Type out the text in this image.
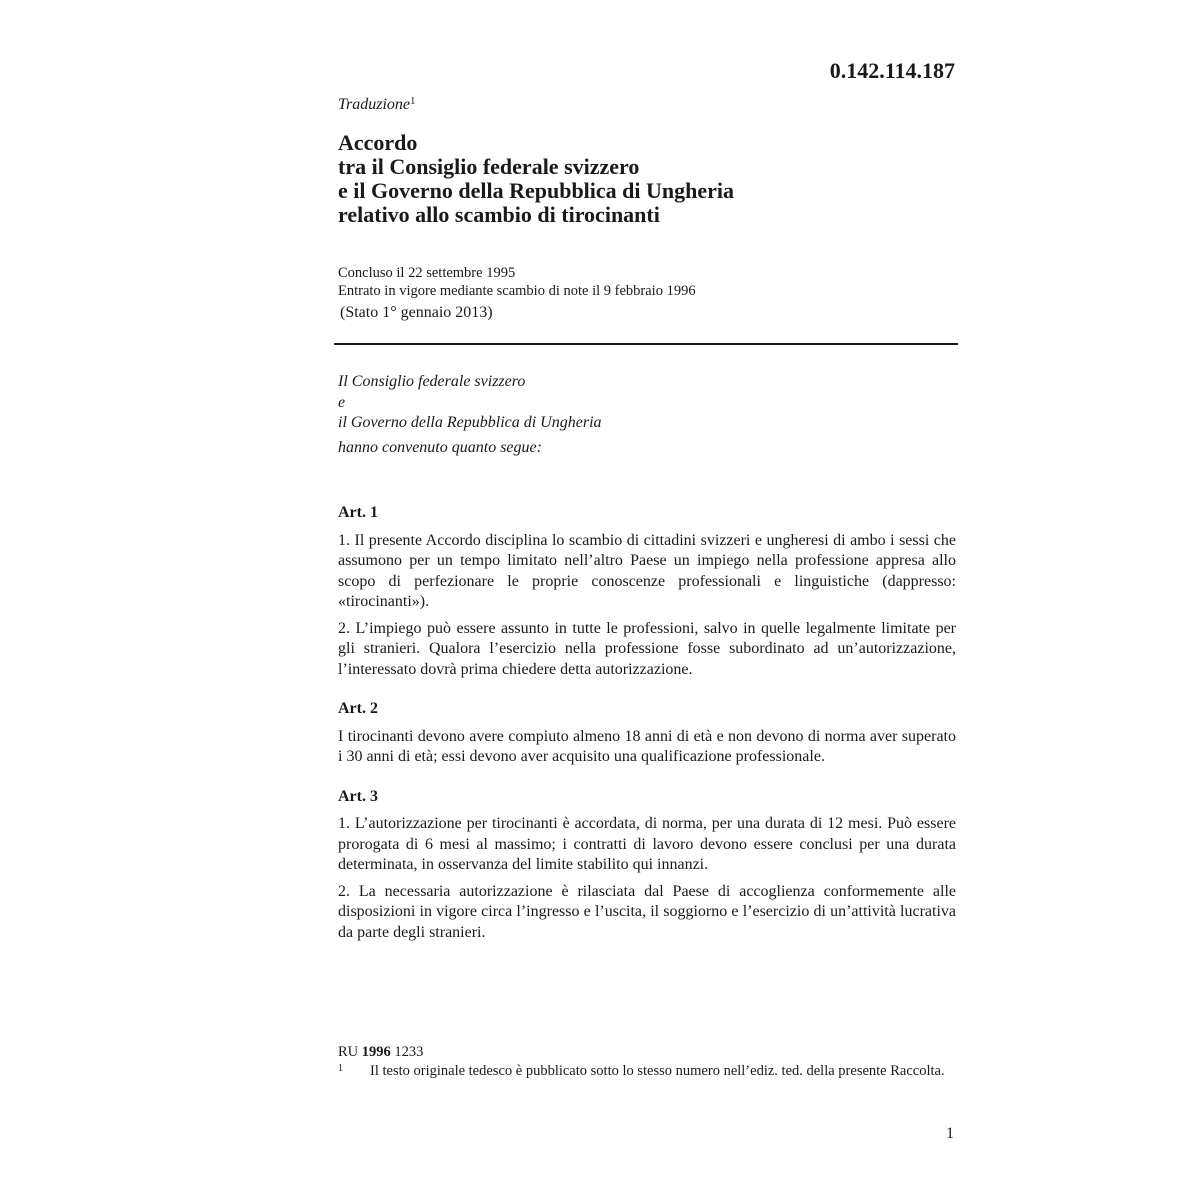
0.142.114.187
Traduzione$^1$
Accordo
tra il Consiglio federale svizzero
e il Governo della Repubblica di Ungheria
relativo allo scambio di tirocinanti
Concluso il 22 settembre 1995
Entrato in vigore mediante scambio di note il 9 febbraio 1996
(Stato 1° gennaio 2013)
Il Consiglio federale svizzero
e
il Governo della Repubblica di Ungheria
hanno convenuto quanto segue:
Art. 1
1. Il presente Accordo disciplina lo scambio di cittadini svizzeri e ungheresi di ambo i sessi che assumono per un tempo limitato nell’altro Paese un impiego nella professione appresa allo scopo di perfezionare le proprie conoscenze professionali e linguistiche (dappresso: «tirocinanti»).
2. L’impiego può essere assunto in tutte le professioni, salvo in quelle legalmente limitate per gli stranieri. Qualora l’esercizio nella professione fosse subordinato ad un’autorizzazione, l’interessato dovrà prima chiedere detta autorizzazione.
Art. 2
I tirocinanti devono avere compiuto almeno 18 anni di età e non devono di norma aver superato i 30 anni di età; essi devono aver acquisito una qualificazione professionale.
Art. 3
1. L’autorizzazione per tirocinanti è accordata, di norma, per una durata di 12 mesi. Può essere prorogata di 6 mesi al massimo; i contratti di lavoro devono essere conclusi per una durata determinata, in osservanza del limite stabilito qui innanzi.
2. La necessaria autorizzazione è rilasciata dal Paese di accoglienza conformemente alle disposizioni in vigore circa l’ingresso e l’uscita, il soggiorno e l’esercizio di un’attività lucrativa da parte degli stranieri.
RU 1996 1233
1	Il testo originale tedesco è pubblicato sotto lo stesso numero nell’ediz. ted. della presente Raccolta.
1
